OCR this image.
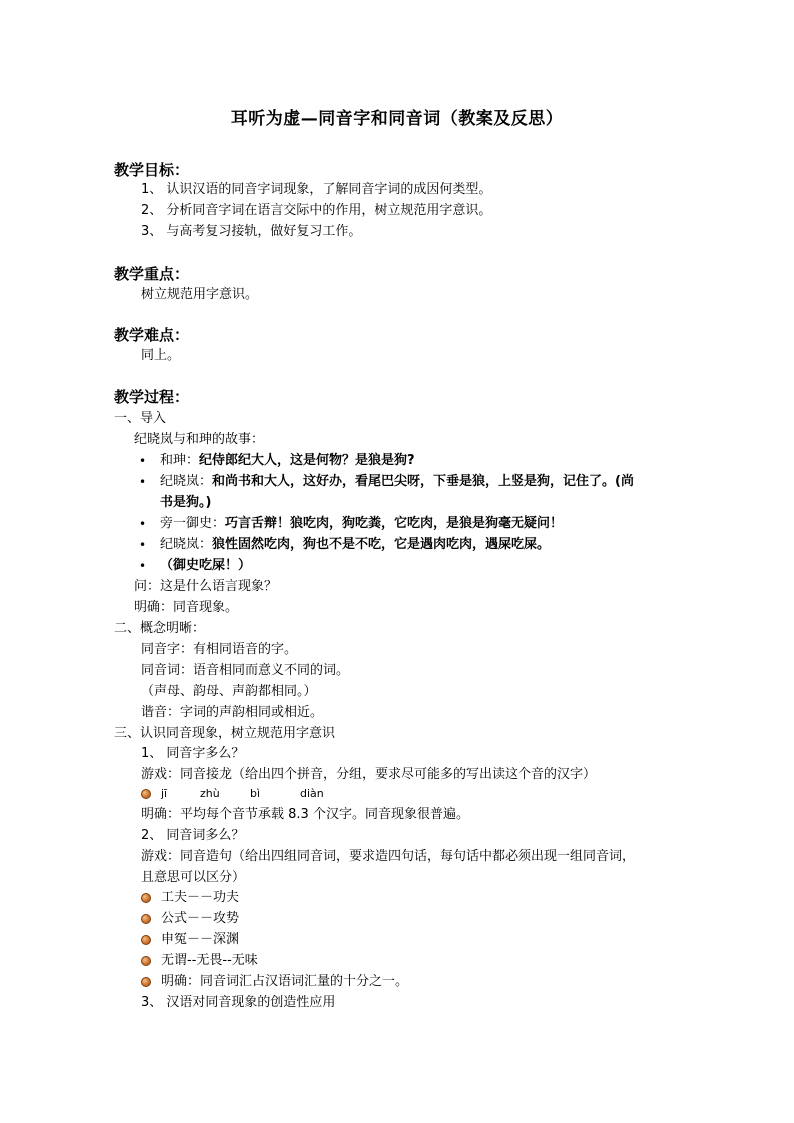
耳听为虚—同音字和同音词（教案及反思）
教学目标：
1、 认识汉语的同音字词现象，了解同音字词的成因何类型。
2、 分析同音字词在语言交际中的作用，树立规范用字意识。
3、 与高考复习接轨，做好复习工作。
教学重点：
树立规范用字意识。
教学难点：
同上。
教学过程：
一、导入
纪晓岚与和珅的故事：
• 和珅：纪侍郎纪大人，这是何物？是狼是狗?
• 纪晓岚：和尚书和大人，这好办，看尾巴尖呀，下垂是狼，上竖是狗，记住了。(尚
书是狗。)
• 旁一御史：巧言舌辩！狼吃肉，狗吃粪，它吃肉，是狼是狗毫无疑问！
• 纪晓岚：狼性固然吃肉，狗也不是不吃，它是遇肉吃肉，遇屎吃屎。
• （御史吃屎！）
问：这是什么语言现象？
明确：同音现象。
二、概念明晰：
同音字：有相同语音的字。
同音词：语音相同而意义不同的词。
（声母、韵母、声韵都相同。）
谐音：字词的声韵相同或相近。
三、认识同音现象，树立规范用字意识
1、 同音字多么？
游戏：同音接龙（给出四个拼音，分组，要求尽可能多的写出读这个音的汉字）
jī	zhù	bì	diàn
明确：平均每个音节承载 8.3 个汉字。同音现象很普遍。
2、 同音词多么？
游戏：同音造句（给出四组同音词，要求造四句话，每句话中都必须出现一组同音词，
且意思可以区分）
工夫－－功夫
公式－－攻势
申冤－－深渊
无谓--无畏--无味
明确：同音词汇占汉语词汇量的十分之一。
3、 汉语对同音现象的创造性应用
